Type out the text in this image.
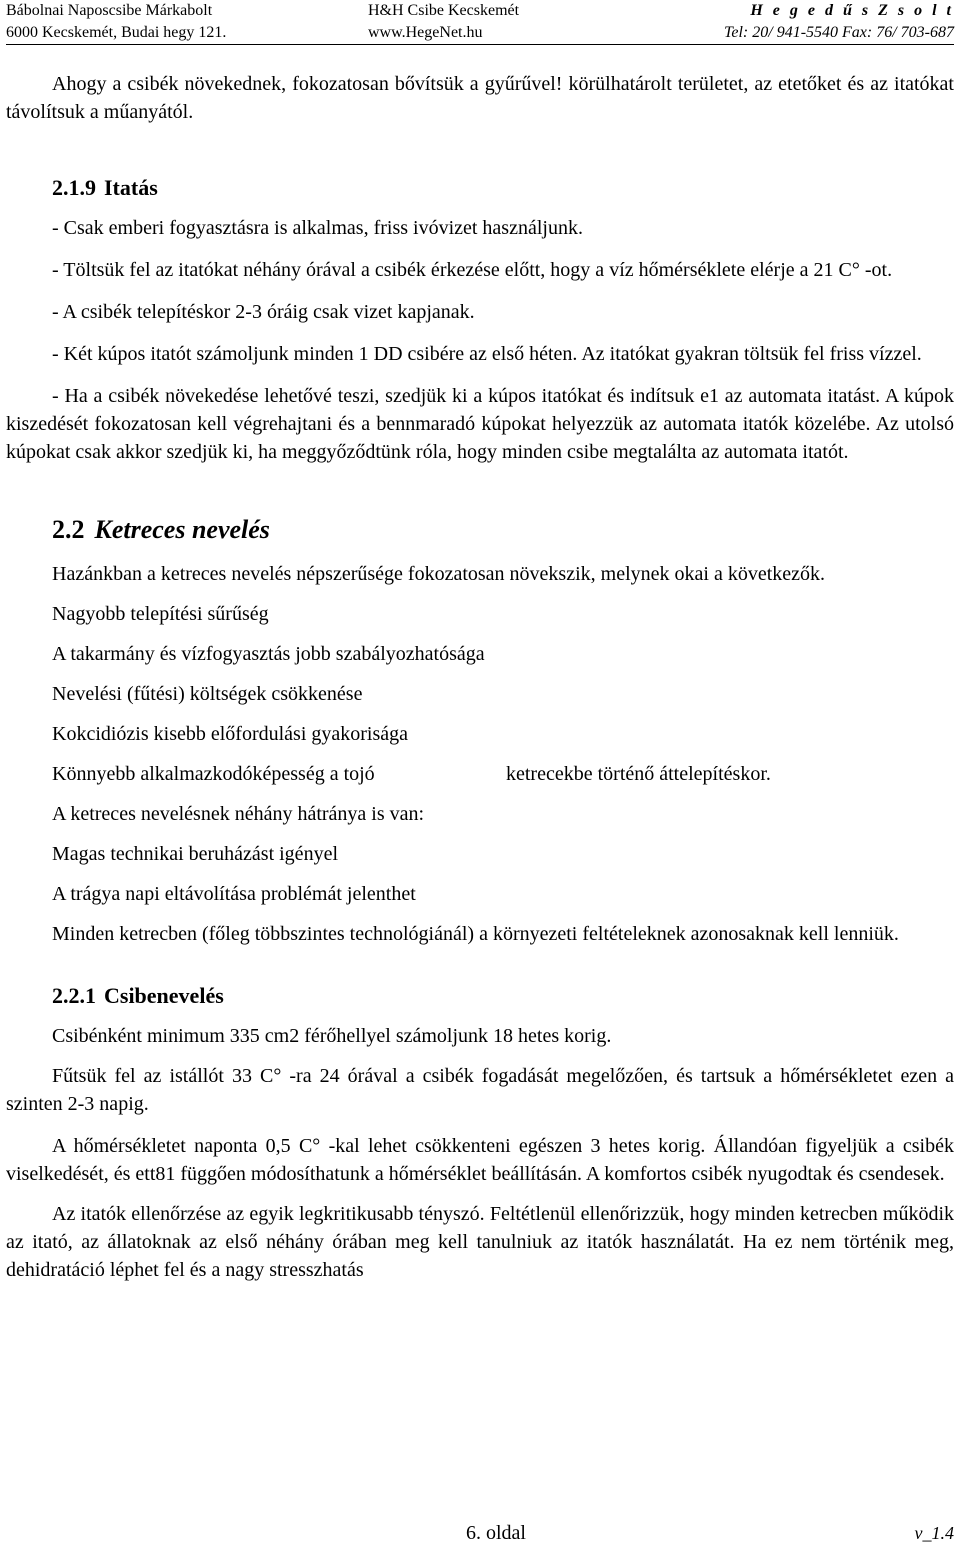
Bábolnai Naposcsibe Márkabolt
6000 Kecskemét, Budai hegy 121.
H&H Csibe Kecskemét
www.HegeNet.hu
H e g e d ű s Z s o l t
Tel: 20/ 941-5540 Fax: 76/ 703-687

Ahogy a csibék növekednek, fokozatosan bővítsük a gyűrűvel! körülhatárolt területet, az etetőket és az itatókat távolítsuk a műanyától.

2.1.9 Itatás

- Csak emberi fogyasztásra is alkalmas, friss ivóvizet használjunk.

- Töltsük fel az itatókat néhány órával a csibék érkezése előtt, hogy a víz hőmérséklete elérje a 21 C° -ot.

- A csibék telepítéskor 2-3 óráig csak vizet kapjanak.

- Két kúpos itatót számoljunk minden 1 DD csibére az első héten. Az itatókat gyakran töltsük fel friss vízzel.

- Ha a csibék növekedése lehetővé teszi, szedjük ki a kúpos itatókat és indítsuk e1 az automata itatást. A kúpok kiszedését fokozatosan kell végrehajtani és a bennmaradó kúpokat helyezzük az automata itatók közelébe. Az utolsó kúpokat csak akkor szedjük ki, ha meggyőződtünk róla, hogy minden csibe megtalálta az automata itatót.

2.2 Ketreces nevelés

Hazánkban a ketreces nevelés népszerűsége fokozatosan növekszik, melynek okai a következők.

Nagyobb telepítési sűrűség
A takarmány és vízfogyasztás jobb szabályozhatósága
Nevelési (fűtési) költségek csökkenése
Kokcidiózis kisebb előfordulási gyakorisága
Könnyebb alkalmazkodóképesség a tojó	ketrecekbe történő áttelepítéskor.
A ketreces nevelésnek néhány hátránya is van:
Magas technikai beruházást igényel
A trágya napi eltávolítása problémát jelenthet

Minden ketrecben (főleg többszintes technológiánál) a környezeti feltételeknek azonosaknak kell lenniük.

2.2.1 Csibenevelés

Csibénként minimum 335 cm2 férőhellyel számoljunk 18 hetes korig.

Fűtsük fel az istállót 33 C° -ra 24 órával a csibék fogadását megelőzően, és tartsuk a hőmérsékletet ezen a szinten 2-3 napig.

A hőmérsékletet naponta 0,5 C° -kal lehet csökkenteni egészen 3 hetes korig. Állandóan figyeljük a csibék viselkedését, és ett81 függően módosíthatunk a hőmérséklet beállításán. A komfortos csibék nyugodtak és csendesek.

Az itatók ellenőrzése az egyik legkritikusabb tényszó. Feltétlenül ellenőrizzük, hogy minden ketrecben működik az itató, az állatoknak az első néhány órában meg kell tanulniuk az itatók használatát. Ha ez nem történik meg, dehidratáció léphet fel és a nagy stresszhatás

6. oldal	v_1.4
